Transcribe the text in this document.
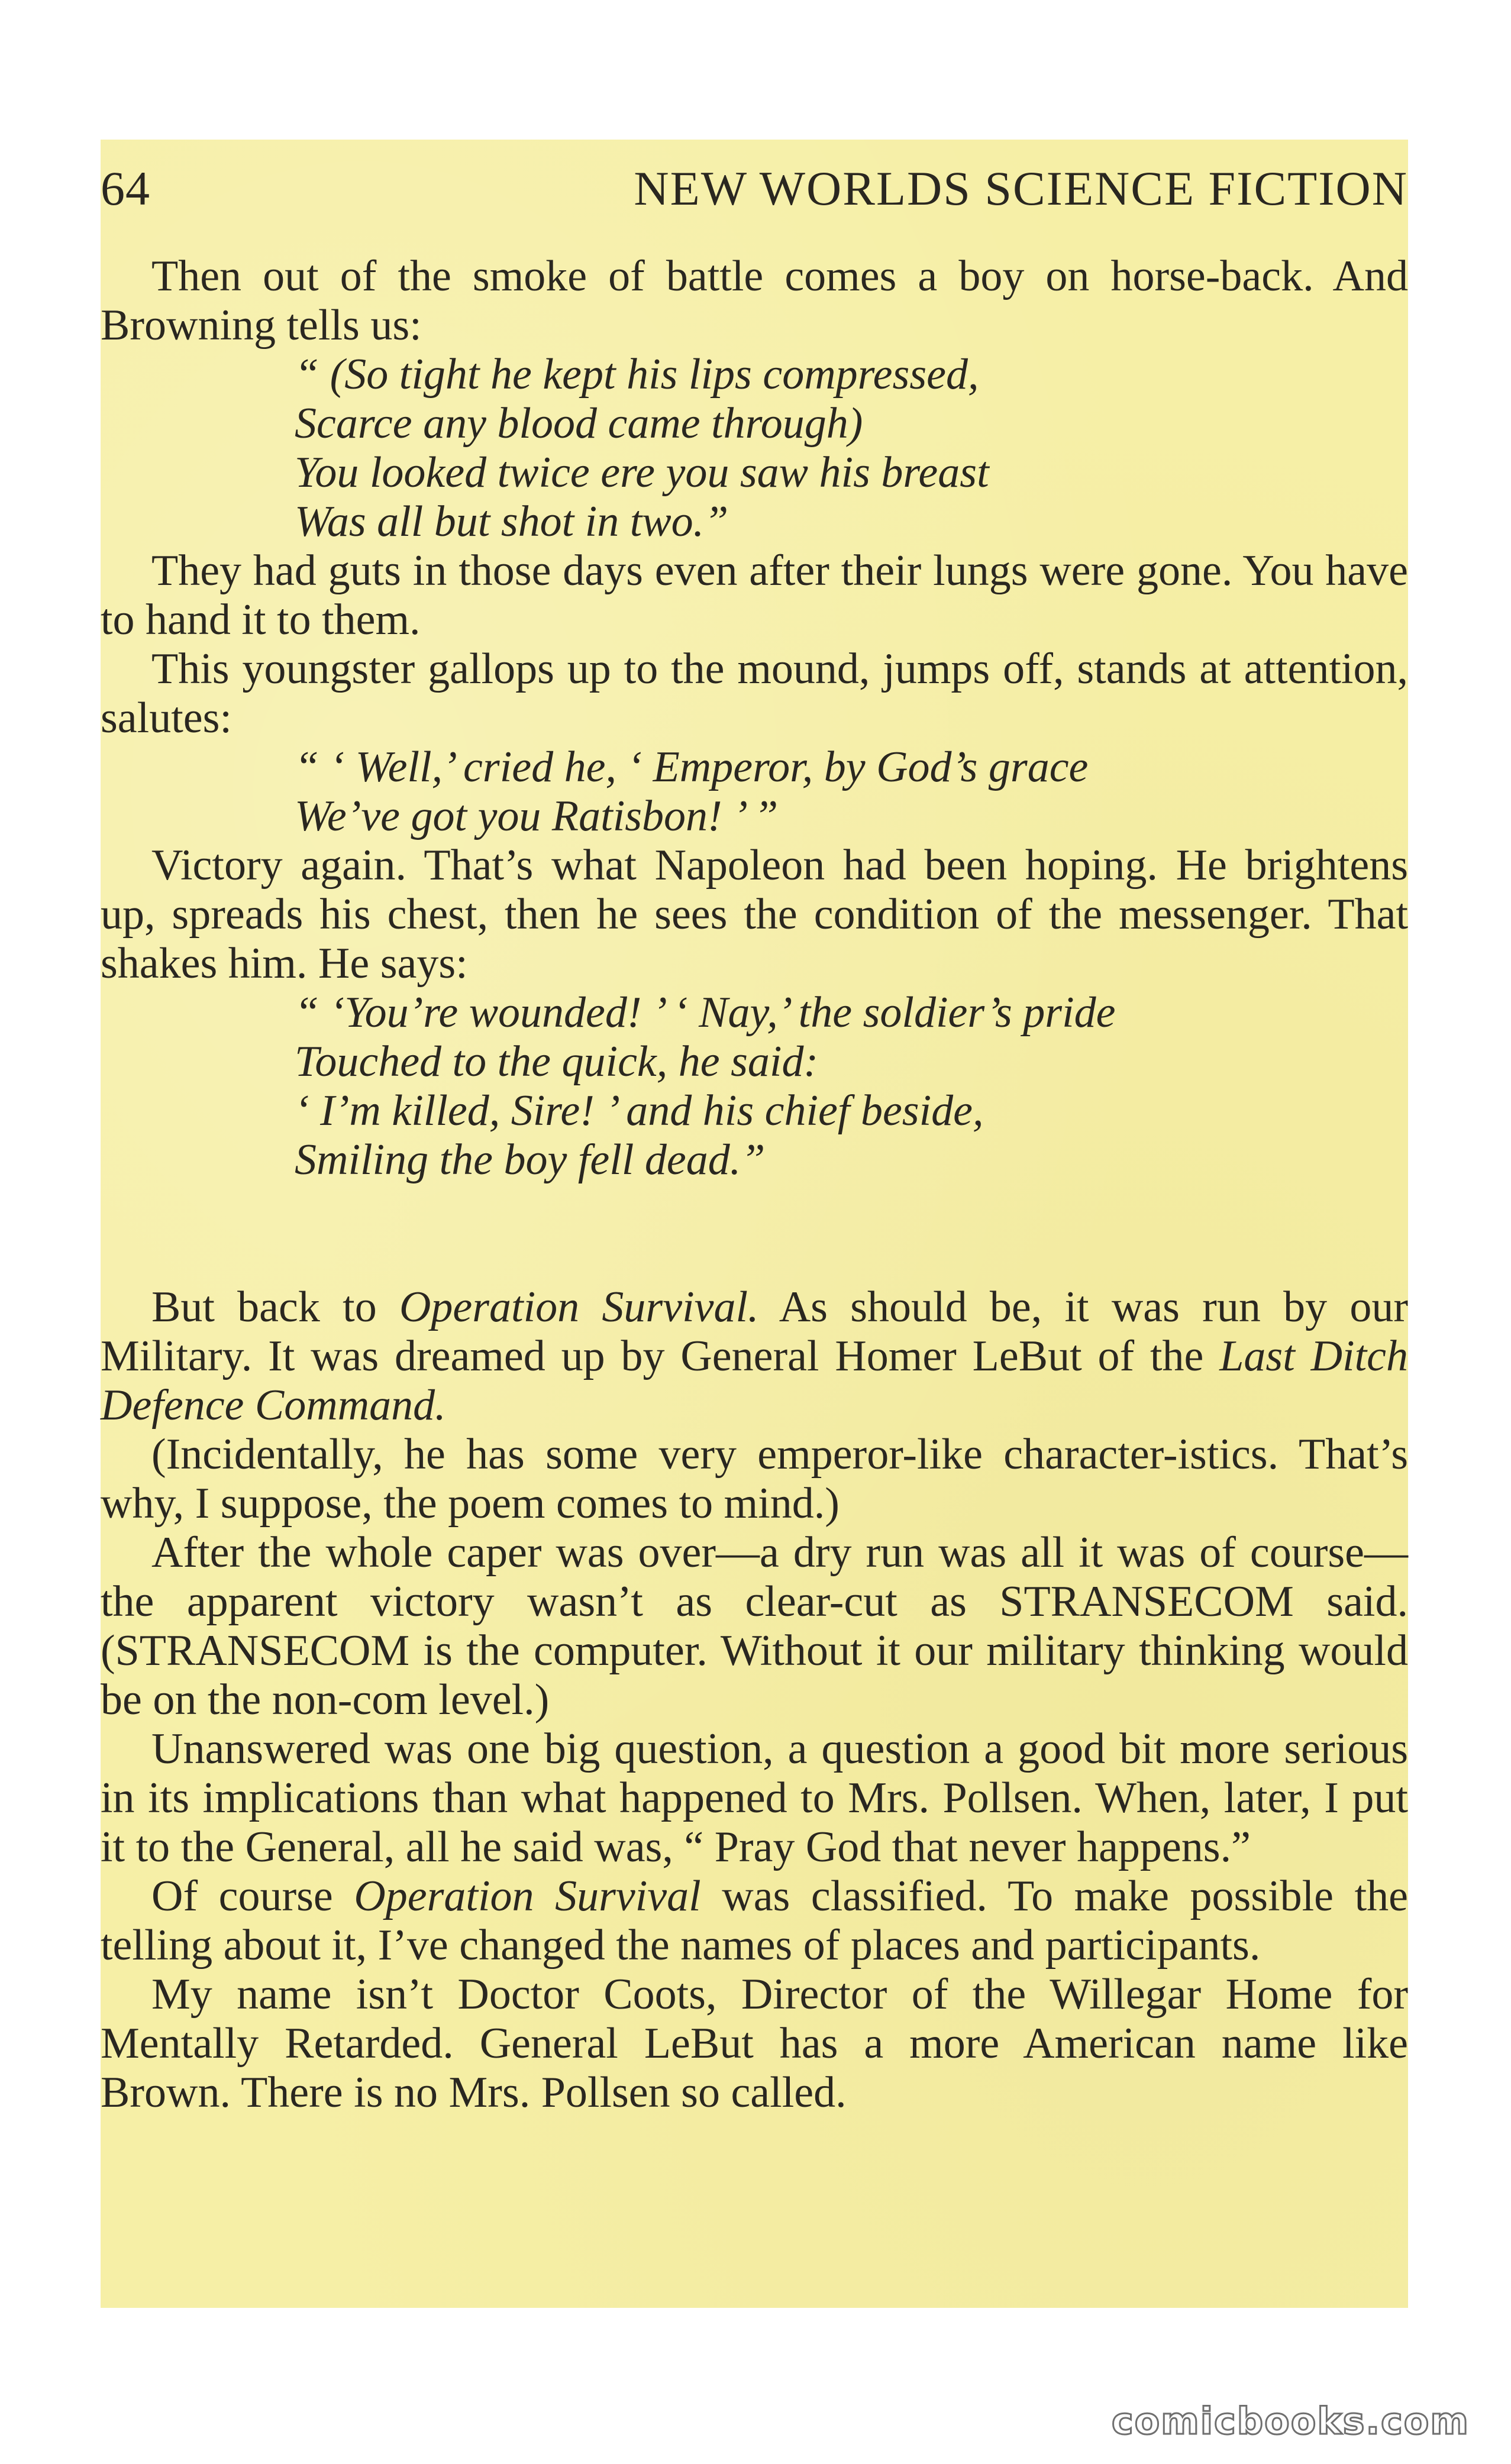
64	NEW WORLDS SCIENCE FICTION

Then out of the smoke of battle comes a boy on horse-back. And Browning tells us:

“ (So tight he kept his lips compressed,
Scarce any blood came through)
You looked twice ere you saw his breast
Was all but shot in two.”

They had guts in those days even after their lungs were gone. You have to hand it to them.

This youngster gallops up to the mound, jumps off, stands at attention, salutes:

“ ‘ Well,’ cried he, ‘ Emperor, by God’s grace
We’ve got you Ratisbon! ’ ”

Victory again. That’s what Napoleon had been hoping. He brightens up, spreads his chest, then he sees the condition of the messenger. That shakes him. He says:

“ ‘You’re wounded! ’ ‘ Nay,’ the soldier’s pride
Touched to the quick, he said:
‘ I’m killed, Sire! ’ and his chief beside,
Smiling the boy fell dead.”

But back to Operation Survival. As should be, it was run by our Military. It was dreamed up by General Homer LeBut of the Last Ditch Defence Command.

(Incidentally, he has some very emperor-like character-istics. That’s why, I suppose, the poem comes to mind.)

After the whole caper was over—a dry run was all it was of course—the apparent victory wasn’t as clear-cut as STRANSECOM said. (STRANSECOM is the computer. Without it our military thinking would be on the non-com level.)

Unanswered was one big question, a question a good bit more serious in its implications than what happened to Mrs. Pollsen. When, later, I put it to the General, all he said was, “ Pray God that never happens.”

Of course Operation Survival was classified. To make possible the telling about it, I’ve changed the names of places and participants.

My name isn’t Doctor Coots, Director of the Willegar Home for Mentally Retarded. General LeBut has a more American name like Brown. There is no Mrs. Pollsen so called.

comicbooks.com
